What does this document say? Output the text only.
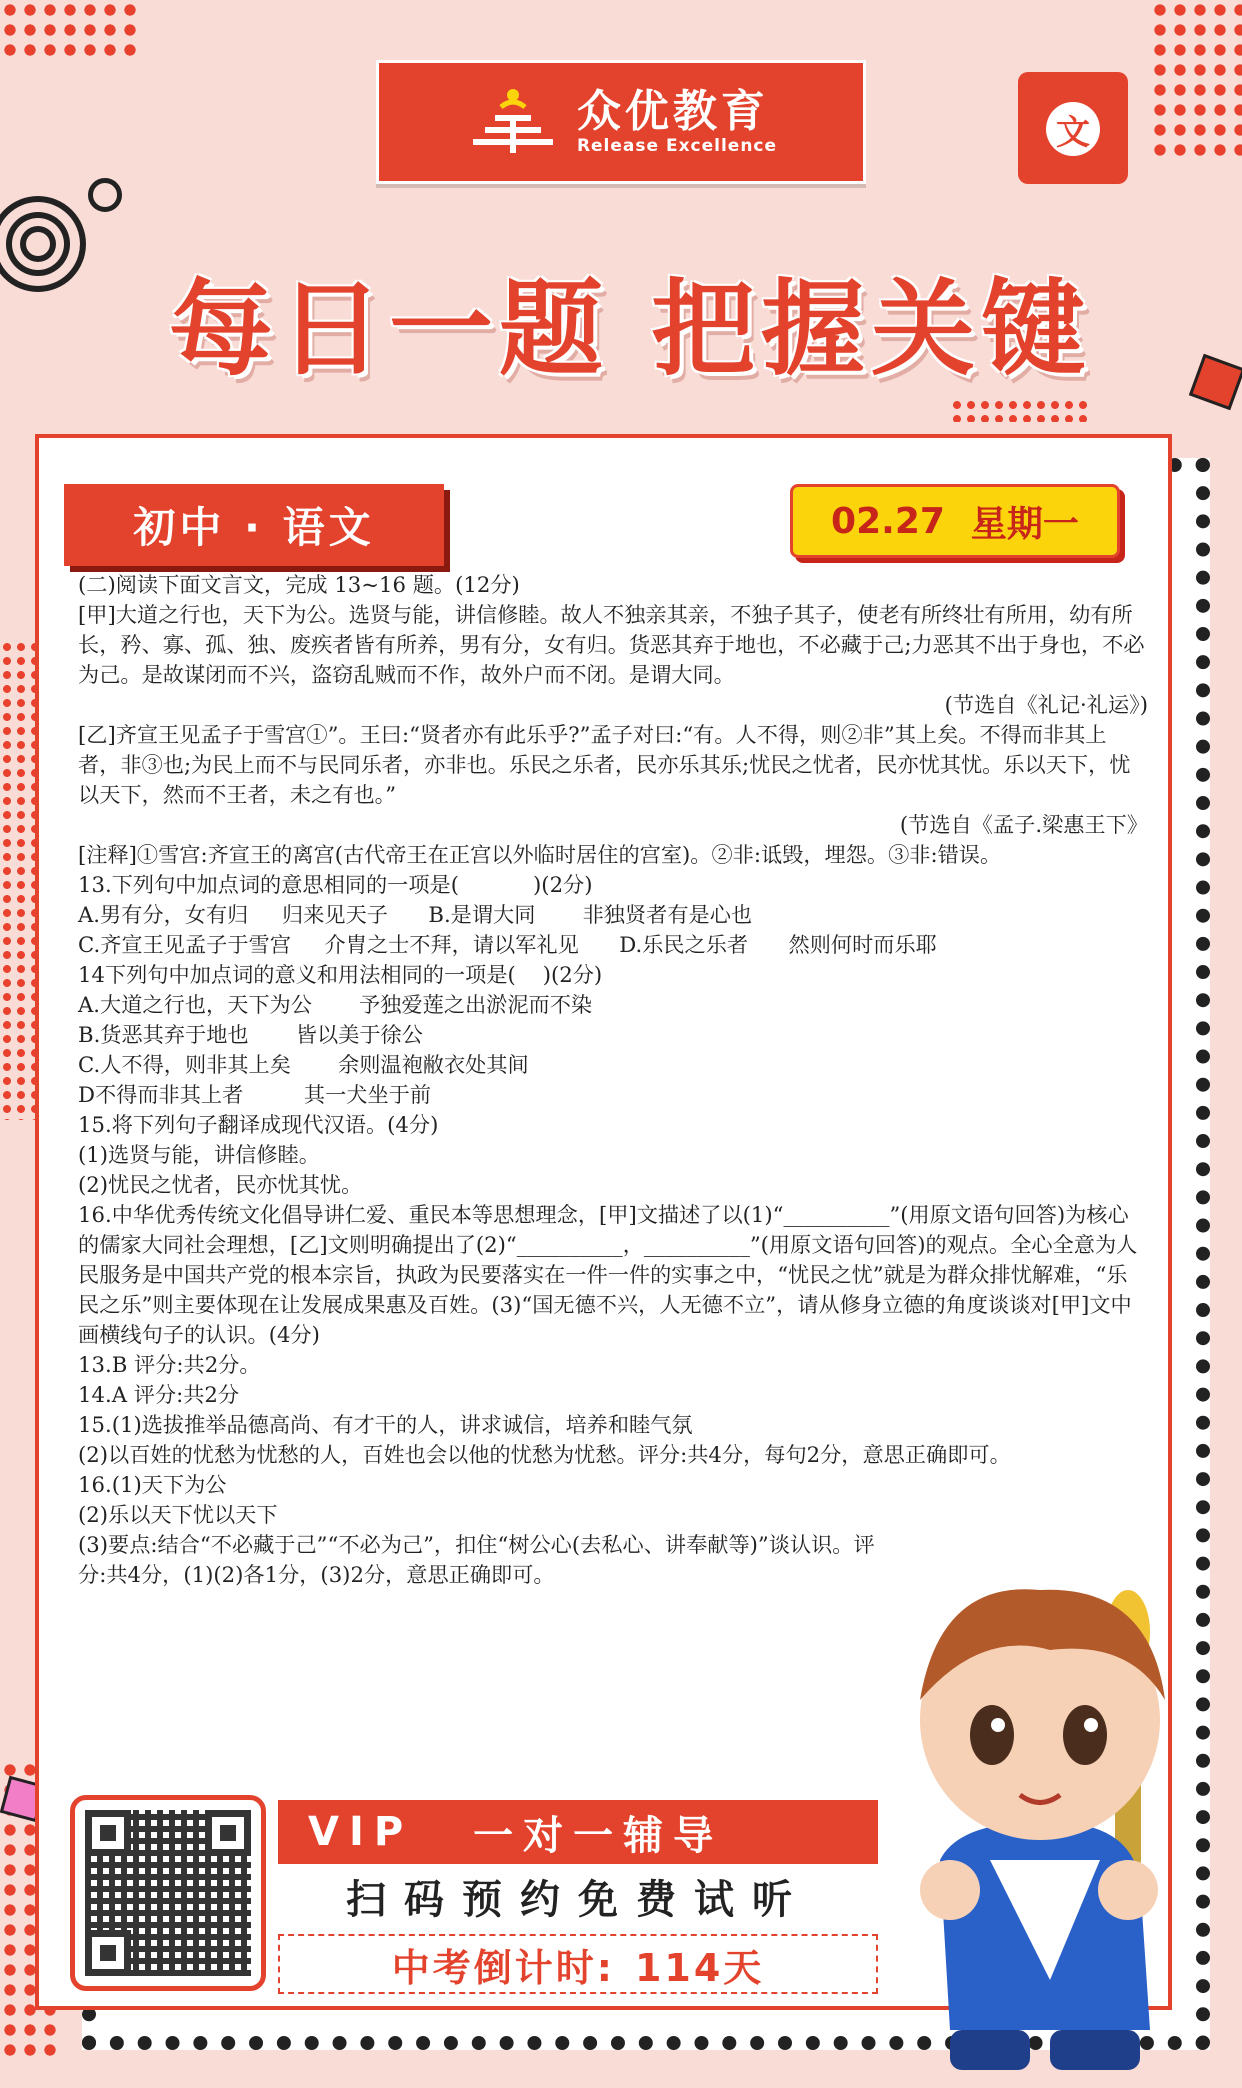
众优教育
Release Excellence	文
每日一题 把握关键
初中 · 语文	02.27 星期一

(二)阅读下面文言文，完成 13~16 题。(12分)

[甲]大道之行也，天下为公。选贤与能，讲信修睦。故人不独亲其亲，不独子其子，使老有所终壮有所用，幼有所长，矜、寡、孤、独、废疾者皆有所养，男有分，女有归。货恶其弃于地也，不必藏于己;力恶其不出于身也，不必为己。是故谋闭而不兴，盗窃乱贼而不作，故外户而不闭。是谓大同。

(节选自《礼记·礼运》)

[乙]齐宣王见孟子于雪宫①”。王曰:“贤者亦有此乐乎?”孟子对曰:“有。人不得，则②非”其上矣。不得而非其上者，非③也;为民上而不与民同乐者，亦非也。乐民之乐者，民亦乐其乐;忧民之忧者，民亦忧其忧。乐以天下，忧以天下，然而不王者，未之有也。”

(节选自《孟子.梁惠王下》

[注释]①雪宫:齐宣王的离宫(古代帝王在正宫以外临时居住的宫室)。②非:诋毁，埋怨。③非:错误。

13.下列句中加点词的意思相同的一项是(           )(2分)

A.男有分，女有归     归来见天子      B.是谓大同       非独贤者有是心也

C.齐宣王见孟子于雪宫     介胄之士不拜，请以军礼见      D.乐民之乐者      然则何时而乐耶

14下列句中加点词的意义和用法相同的一项是(    )(2分)

A.大道之行也，天下为公       予独爱莲之出淤泥而不染

B.货恶其弃于地也       皆以美于徐公

C.人不得，则非其上矣       余则温袍敝衣处其间

D不得而非其上者         其一犬坐于前

15.将下列句子翻译成现代汉语。(4分)

(1)选贤与能，讲信修睦。

(2)忧民之忧者，民亦忧其忧。

16.中华优秀传统文化倡导讲仁爱、重民本等思想理念，[甲]文描述了以(1)“__________”(用原文语句回答)为核心的儒家大同社会理想，[乙]文则明确提出了(2)“__________，__________”(用原文语句回答)的观点。全心全意为人民服务是中国共产党的根本宗旨，执政为民要落实在一件一件的实事之中，“忧民之忧”就是为群众排忧解难，“乐民之乐”则主要体现在让发展成果惠及百姓。(3)“国无德不兴，人无德不立”，请从修身立德的角度谈谈对[甲]文中画横线句子的认识。(4分)

13.B 评分:共2分。

14.A 评分:共2分

15.(1)选拔推举品德高尚、有才干的人，讲求诚信，培养和睦气氛

(2)以百姓的忧愁为忧愁的人，百姓也会以他的忧愁为忧愁。评分:共4分，每句2分，意思正确即可。

16.(1)天下为公

(2)乐以天下忧以天下

(3)要点:结合“不必藏于己”“不必为己”，扣住“树公心(去私心、讲奉献等)”谈认识。评分:共4分，(1)(2)各1分，(3)2分，意思正确即可。

VIP 一对一辅导
扫码预约免费试听
中考倒计时: 114天
